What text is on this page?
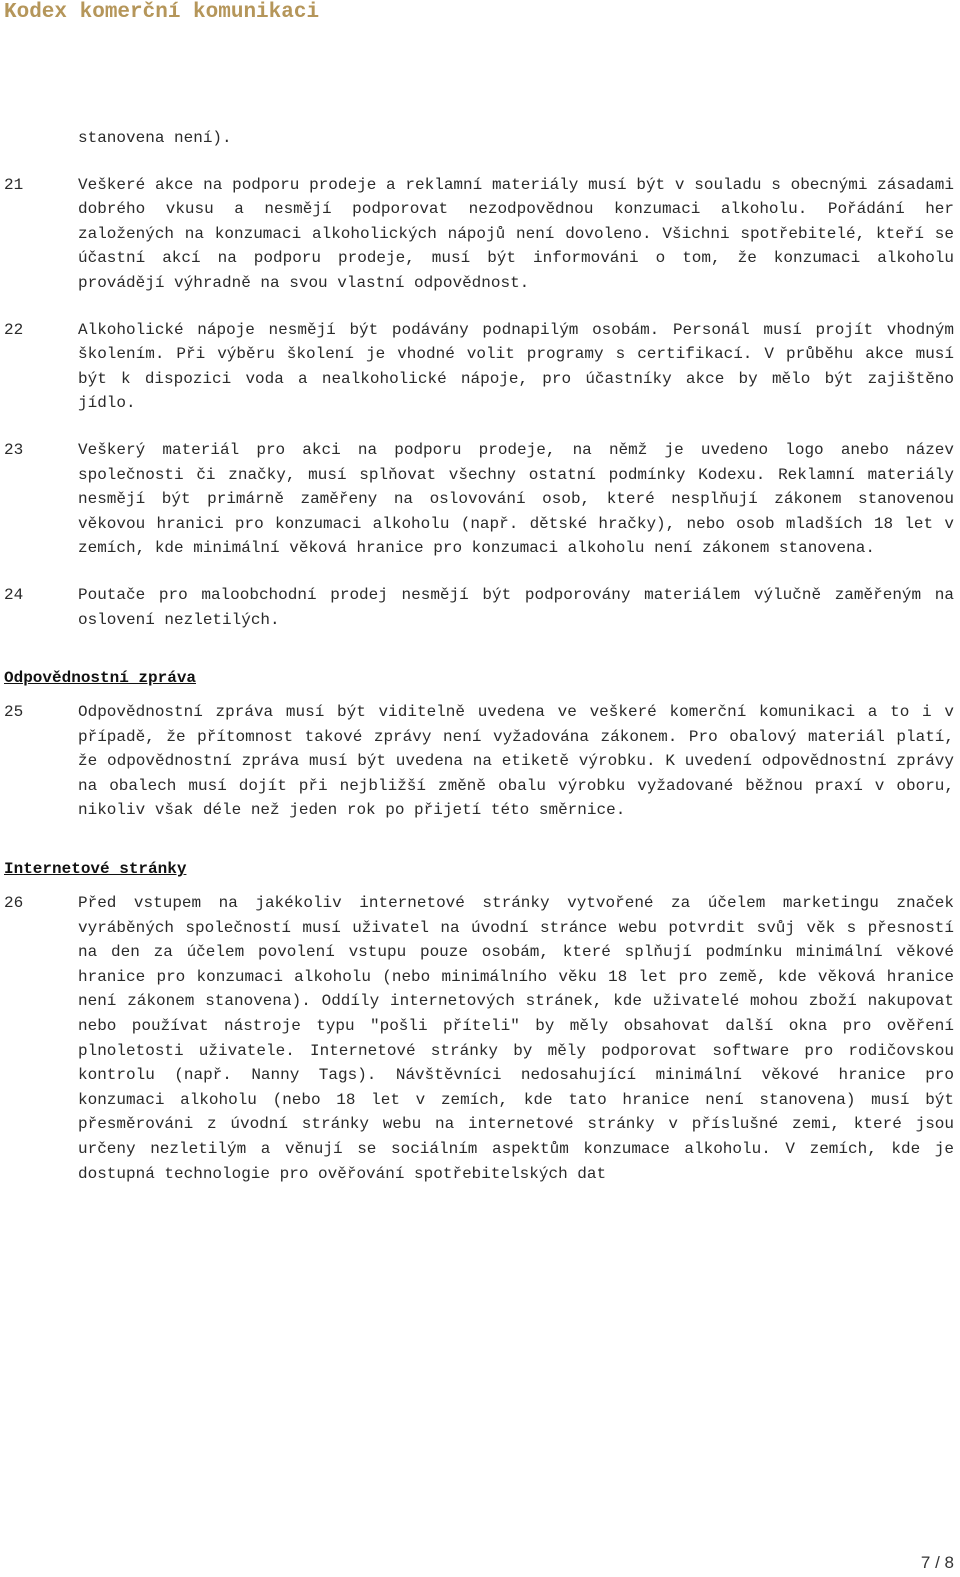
Kodex komerční komunikaci
stanovena není).
21	Veškeré akce na podporu prodeje a reklamní materiály musí být v souladu s obecnými zásadami dobrého vkusu a nesmějí podporovat nezodpovědnou konzumaci alkoholu. Pořádání her založených na konzumaci alkoholických nápojů není dovoleno. Všichni spotřebitelé, kteří se účastní akcí na podporu prodeje, musí být informováni o tom, že konzumaci alkoholu provádějí výhradně na svou vlastní odpovědnost.
22	Alkoholické nápoje nesmějí být podávány podnapilým osobám. Personál musí projít vhodným školením. Při výběru školení je vhodné volit programy s certifikací. V průběhu akce musí být k dispozici voda a nealkoholické nápoje, pro účastníky akce by mělo být zajištěno jídlo.
23	Veškerý materiál pro akci na podporu prodeje, na němž je uvedeno logo anebo název společnosti či značky, musí splňovat všechny ostatní podmínky Kodexu. Reklamní materiály nesmějí být primárně zaměřeny na oslovování osob, které nesplňují zákonem stanovenou věkovou hranici pro konzumaci alkoholu (např. dětské hračky), nebo osob mladších 18 let v zemích, kde minimální věková hranice pro konzumaci alkoholu není zákonem stanovena.
24	Poutače pro maloobchodní prodej nesmějí být podporovány materiálem výlučně zaměřeným na oslovení nezletilých.
Odpovědnostní zpráva
25	Odpovědnostní zpráva musí být viditelně uvedena ve veškeré komerční komunikaci a to i v případě, že přítomnost takové zprávy není vyžadována zákonem. Pro obalový materiál platí, že odpovědnostní zpráva musí být uvedena na etiketě výrobku. K uvedení odpovědnostní zprávy na obalech musí dojít při nejbližší změně obalu výrobku vyžadované běžnou praxí v oboru, nikoliv však déle než jeden rok po přijetí této směrnice.
Internetové stránky
26	Před vstupem na jakékoliv internetové stránky vytvořené za účelem marketingu značek vyráběných společností musí uživatel na úvodní stránce webu potvrdit svůj věk s přesností na den za účelem povolení vstupu pouze osobám, které splňují podmínku minimální věkové hranice pro konzumaci alkoholu (nebo minimálního věku 18 let pro země, kde věková hranice není zákonem stanovena). Oddíly internetových stránek, kde uživatelé mohou zboží nakupovat nebo používat nástroje typu "pošli příteli" by měly obsahovat další okna pro ověření plnoletosti uživatele. Internetové stránky by měly podporovat software pro rodičovskou kontrolu (např. Nanny Tags). Návštěvníci nedosahující minimální věkové hranice pro konzumaci alkoholu (nebo 18 let v zemích, kde tato hranice není stanovena) musí být přesměrováni z úvodní stránky webu na internetové stránky v příslušné zemi, které jsou určeny nezletilým a věnují se sociálním aspektům konzumace alkoholu. V zemích, kde je dostupná technologie pro ověřování spotřebitelských dat
7 / 8
